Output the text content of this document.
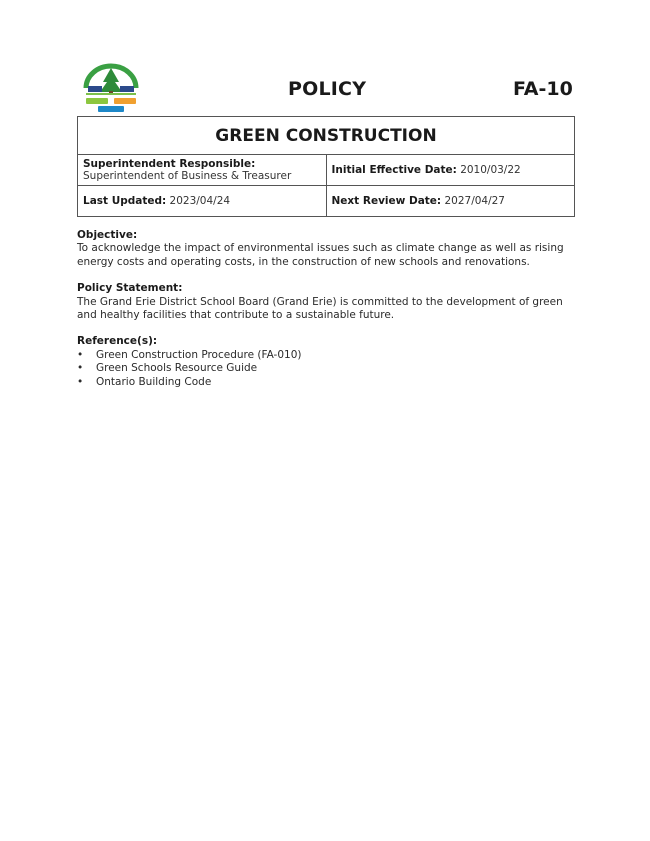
POLICY	FA-10
GREEN CONSTRUCTION	

Superintendent Responsible:
Superintendent of Business & Treasurer	Initial Effective Date: 2010/03/22
Last Updated: 2023/04/24	Next Review Date: 2027/04/27
Objective:

To acknowledge the impact of environmental issues such as climate change as well as rising energy costs and operating costs, in the construction of new schools and renovations.

Policy Statement:

The Grand Erie District School Board (Grand Erie) is committed to the development of green and healthy facilities that contribute to a sustainable future.

Reference(s):
• Green Construction Procedure (FA-010)
• Green Schools Resource Guide
• Ontario Building Code
